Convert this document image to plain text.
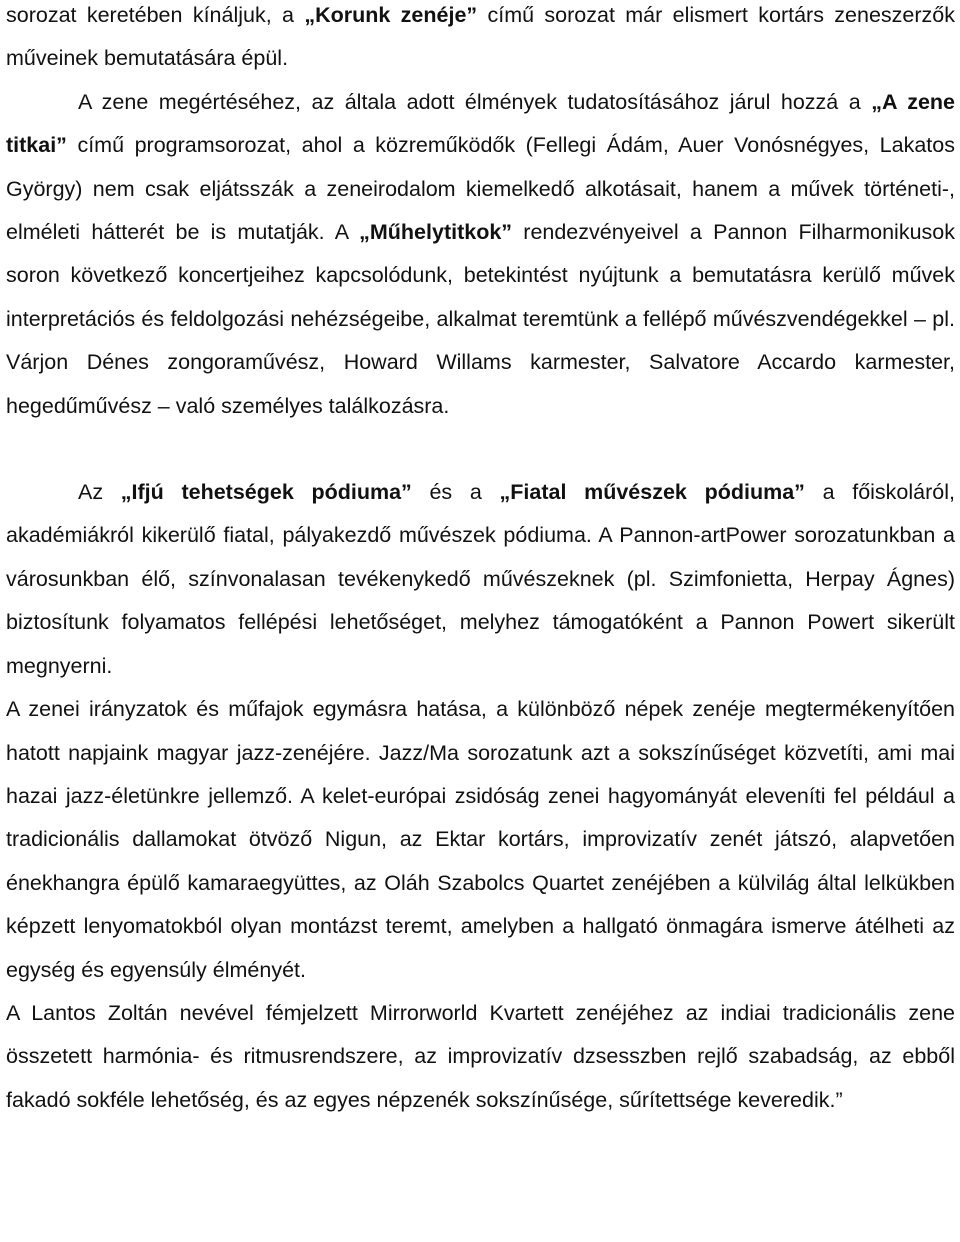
sorozat keretében kínáljuk, a „Korunk zenéje” című sorozat már elismert kortárs zeneszerzők műveinek bemutatására épül.

A zene megértéséhez, az általa adott élmények tudatosításához járul hozzá a „A zene titkai” című programsorozat, ahol a közreműködők (Fellegi Ádám, Auer Vonósnégyes, Lakatos György) nem csak eljátsszák a zeneirodalom kiemelkedő alkotásait, hanem a művek történeti-, elméleti hátterét be is mutatják. A „Műhelytitkok” rendezvényeivel a Pannon Filharmonikusok soron következő koncertjeihez kapcsolódunk, betekintést nyújtunk a bemutatásra kerülő művek interpretációs és feldolgozási nehézségeibe, alkalmat teremtünk a fellépő művészvendégekkel – pl. Várjon Dénes zongoraművész, Howard Willams karmester, Salvatore Accardo karmester, hegedűművész – való személyes találkozásra.

Az „Ifjú tehetségek pódiuma” és a „Fiatal művészek pódiuma” a főiskoláról, akadémiákról kikerülő fiatal, pályakezdő művészek pódiuma. A Pannon-artPower sorozatunkban a városunkban élő, színvonalasan tevékenykedő művészeknek (pl. Szimfonietta, Herpay Ágnes) biztosítunk folyamatos fellépési lehetőséget, melyhez támogatóként a Pannon Powert sikerült megnyerni.

A zenei irányzatok és műfajok egymásra hatása, a különböző népek zenéje megtermékenyítően hatott napjaink magyar jazz-zenéjére. Jazz/Ma sorozatunk azt a sokszínűséget közvetíti, ami mai hazai jazz-életünkre jellemző. A kelet-európai zsidóság zenei hagyományát eleveníti fel például a tradicionális dallamokat ötvöző Nigun, az Ektar kortárs, improvizatív zenét játszó, alapvetően énekhangra épülő kamaraegyüttes, az Oláh Szabolcs Quartet zenéjében a külvilág által lelkükben képzett lenyomatokból olyan montázst teremt, amelyben a hallgató önmagára ismerve átélheti az egység és egyensúly élményét.

A Lantos Zoltán nevével fémjelzett Mirrorworld Kvartett zenéjéhez az indiai tradicionális zene összetett harmónia- és ritmusrendszere, az improvizatív dzsesszben rejlő szabadság, az ebből fakadó sokféle lehetőség, és az egyes népzenék sokszínűsége, sűrítettsége keveredik.”
